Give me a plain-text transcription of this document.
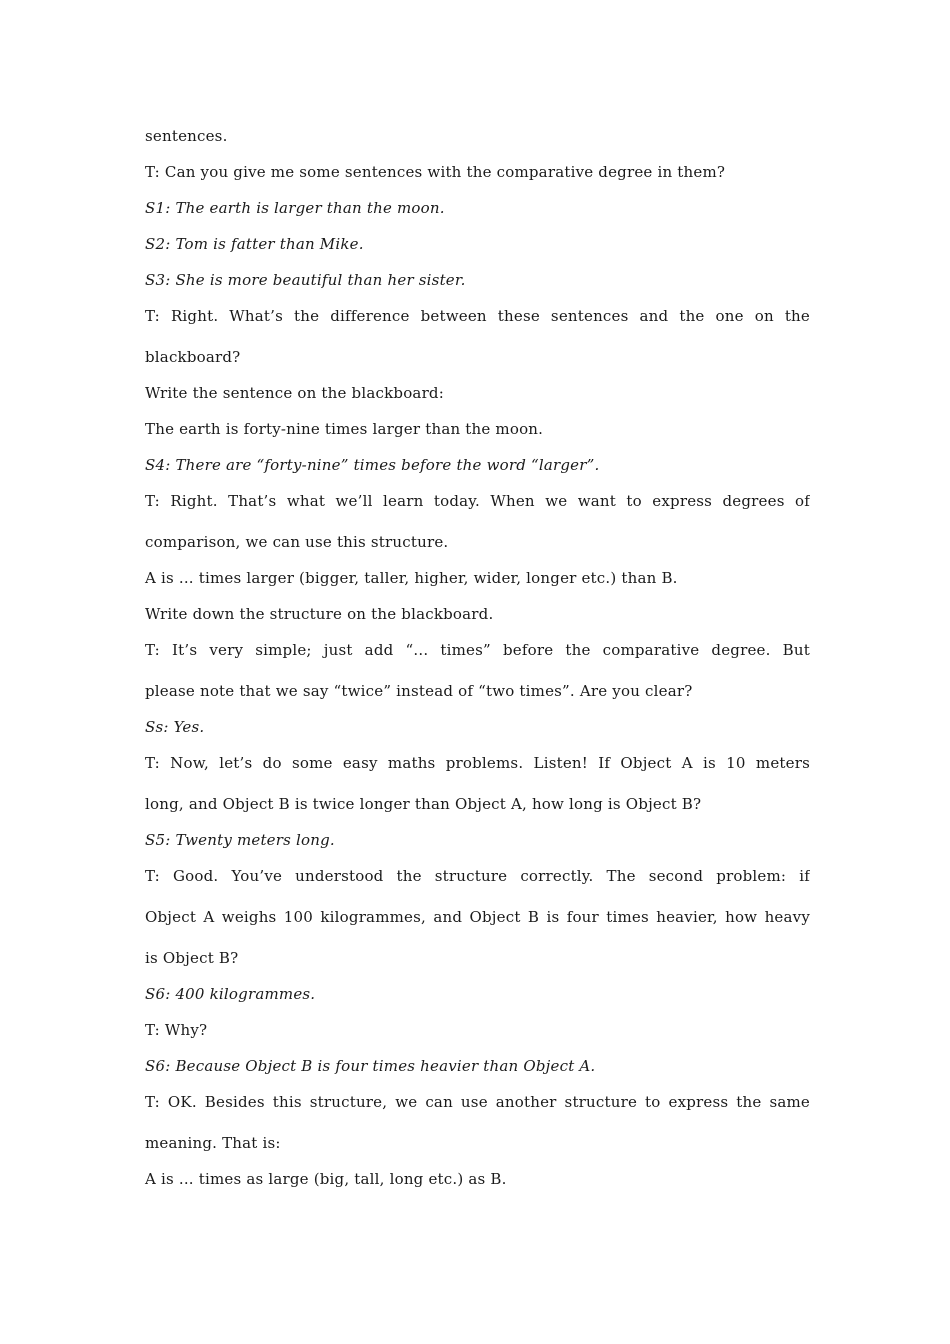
sentences.
T: Can you give me some sentences with the comparative degree in them?
S1: The earth is larger than the moon.
S2: Tom is fatter than Mike.
S3: She is more beautiful than her sister.
T: Right. What’s the difference between these sentences and the one on the
blackboard?
Write the sentence on the blackboard:
The earth is forty-nine times larger than the moon.
S4: There are “forty-nine” times before the word “larger”.
T: Right. That’s what we’ll learn today. When we want to express degrees of
comparison, we can use this structure.
A is ... times larger (bigger, taller, higher, wider, longer etc.) than B.
Write down the structure on the blackboard.
T: It’s very simple; just add “... times” before the comparative degree. But
please note that we say “twice” instead of “two times”. Are you clear?
Ss: Yes.
T: Now, let’s do some easy maths problems. Listen! If Object A is 10 meters
long, and Object B is twice longer than Object A, how long is Object B?
S5: Twenty meters long.
T: Good. You’ve understood the structure correctly. The second problem: if
Object A weighs 100 kilogrammes, and Object B is four times heavier, how heavy
is Object B?
S6: 400 kilogrammes.
T: Why?
S6: Because Object B is four times heavier than Object A.
T: OK. Besides this structure, we can use another structure to express the same
meaning. That is:
A is ... times as large (big, tall, long etc.) as B.
